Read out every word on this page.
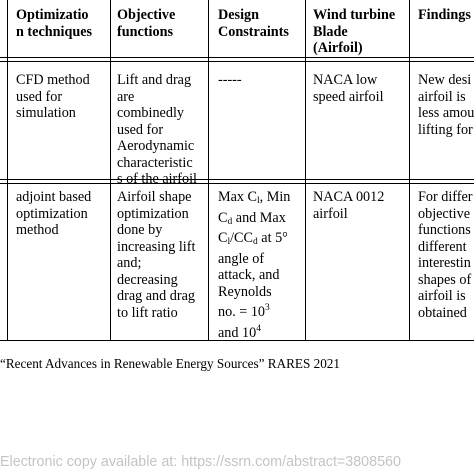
Optimizatio
n techniques
Objective
functions
Design
Constraints
Wind turbine
Blade
(Airfoil)
Findings
CFD method
used for
simulation
Lift and drag
are
combinedly
used for
Aerodynamic
characteristic
s of the airfoil
-----	NACA low
speed airfoil
New desi
airfoil is
less amou
lifting for
adjoint based
optimization
method
Airfoil shape
optimization
done by
increasing lift
and;
decreasing
drag and drag
to lift ratio
Max $C_l$, Min
$C_d$ and Max
$C_l/CC_d$ at 5°
angle of
attack, and
Reynolds
no. = $10^3$
and $10^4$
NACA 0012
airfoil
For differ
objective
functions
different
interestin
shapes of
airfoil is
obtained
“Recent Advances in Renewable Energy Sources” RARES 2021
Electronic copy available at: https://ssrn.com/abstract=3808560
